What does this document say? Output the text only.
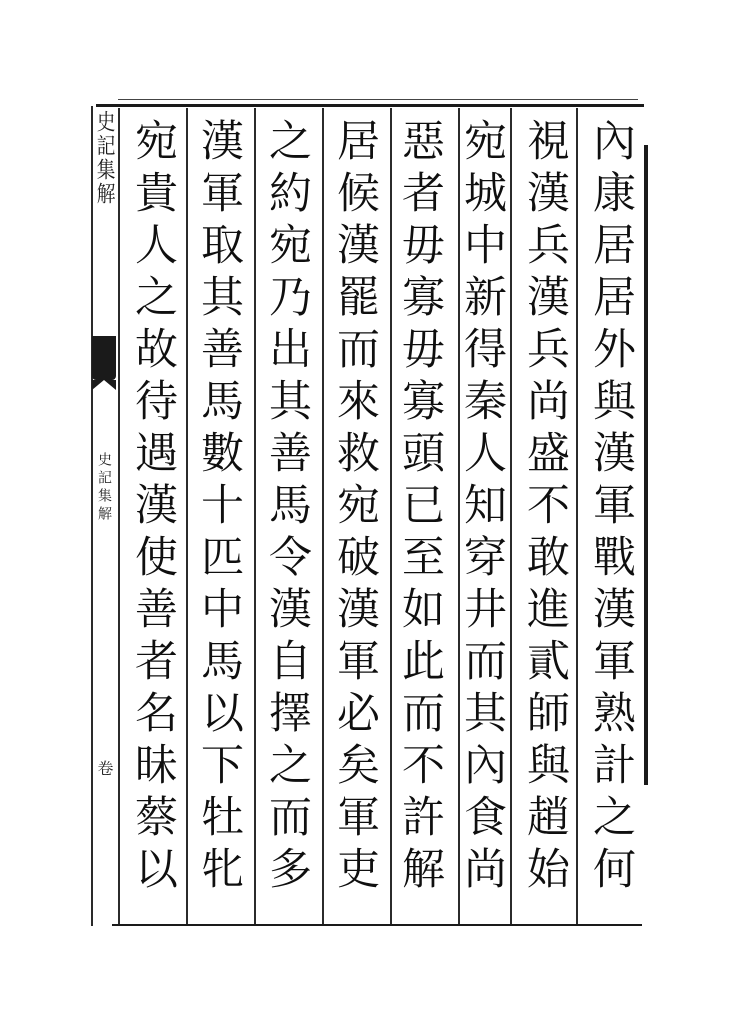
史記集解
史記集解
卷
內康居居外與漢軍戰漢軍熟計之何
視漢兵漢兵尚盛不敢進貳師與趙始
宛城中新得秦人知穿井而其內食尚
惡者毋寡毋寡頭已至如此而不許解
居候漢罷而來救宛破漢軍必矣軍吏
之約宛乃出其善馬令漢自擇之而多
漢軍取其善馬數十匹中馬以下牡牝
宛貴人之故待遇漢使善者名昧蔡以
